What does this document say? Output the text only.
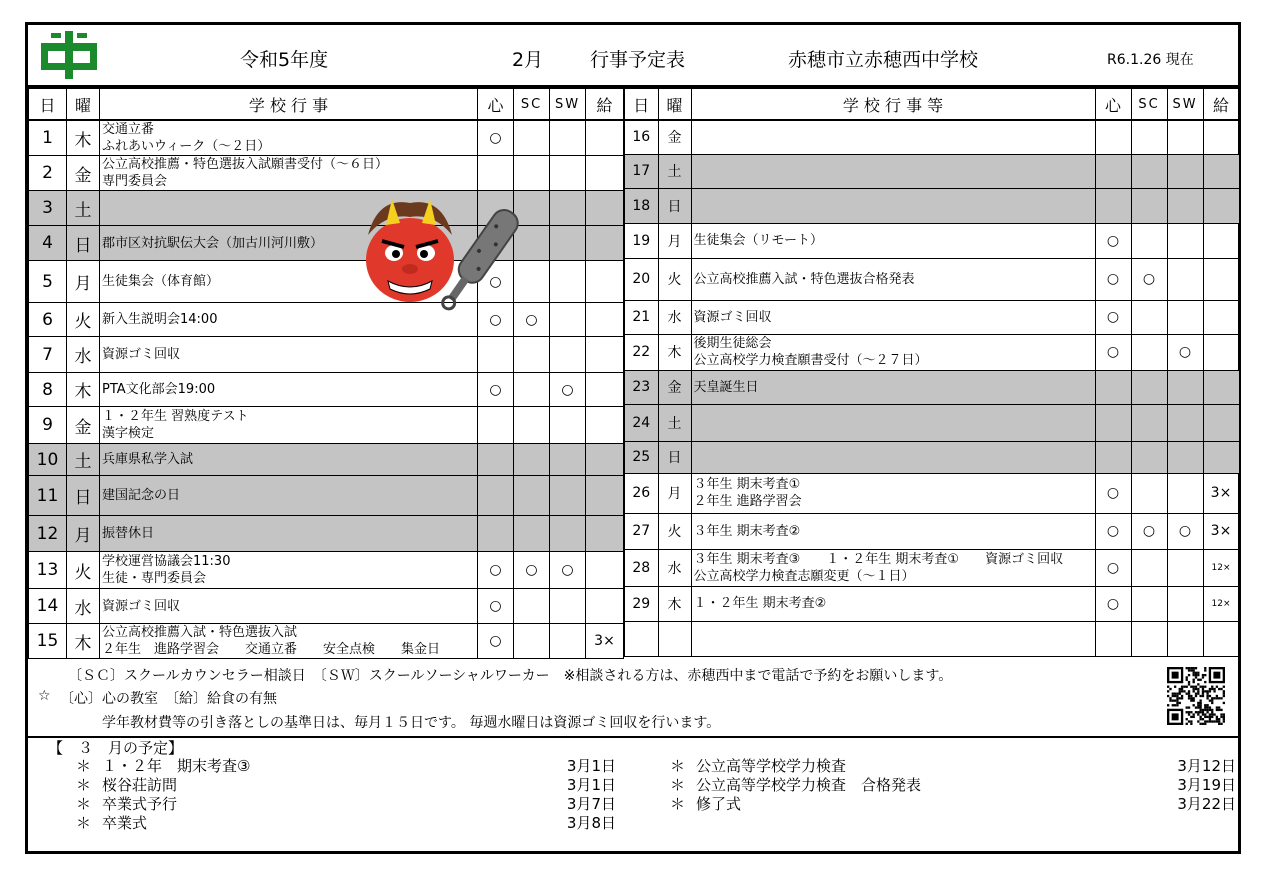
令和5年度	2月 行事予定表	赤穂市立赤穂西中学校	R6.1.26 現在
日	曜	学 校 行 事	心	SC	SW	給
1	木	交通立番
ふれあいウィーク（～２日）	○			
2	金	公立高校推薦・特色選抜入試願書受付（～６日）
専門委員会				

3	土	

4	日	郡市区対抗駅伝大会（加古川河川敷）				

5	月	生徒集会（体育館）	○			
6	火	新入生説明会14:00	○	○		
7	水	資源ゴミ回収				

8	木	PTA文化部会19:00	○		○	
9	金	１・２年生 習熟度テスト
漢字検定				

10	土	兵庫県私学入試				

11	日	建国記念の日				

12	月	振替休日				

13	火	学校運営協議会11:30
生徒・専門委員会	○	○	○	
14	水	資源ゴミ回収	○			
15	木	公立高校推薦入試・特色選抜入試
２年生　進路学習会　　交通立番　　安全点検　　集金日	○			3×
日	曜	学 校 行 事 等	心	SC	SW	給
16	金	

17	土	

18	日	

19	月	生徒集会（リモート）	○			
20	火	公立高校推薦入試・特色選抜合格発表	○	○		
21	水	資源ゴミ回収	○			
22	木	後期生徒総会
公立高校学力検査願書受付（～２７日）	○		○	
23	金	天皇誕生日				

24	土	

25	日	

26	月	３年生 期末考査①
２年生 進路学習会	○			3×
27	火	３年生 期末考査②	○	○	○	3×
28	水	３年生 期末考査③　　１・２年生 期末考査①　　資源ゴミ回収
公立高校学力検査志願変更（～１日）	○			12×
29	木	１・２年生 期末考査②	○			12×

〔ＳＣ〕スクールカウンセラー相談日　〔ＳＷ〕スクールソーシャルワーカー　※相談される方は、赤穂西中まで電話で予約をお願いします。
☆ 〔心〕心の教室　〔給〕給食の有無
学年教材費等の引き落としの基準日は、毎月１５日です。 毎週水曜日は資源ゴミ回収を行います。
【　３　月の予定】
＊ １・２年　期末考査③	3月1日
＊ 桜谷荘訪問	3月1日
＊ 卒業式予行	3月7日
＊ 卒業式	3月8日
＊ 公立高等学校学力検査	3月12日
＊ 公立高等学校学力検査　合格発表	3月19日
＊ 修了式	3月22日
